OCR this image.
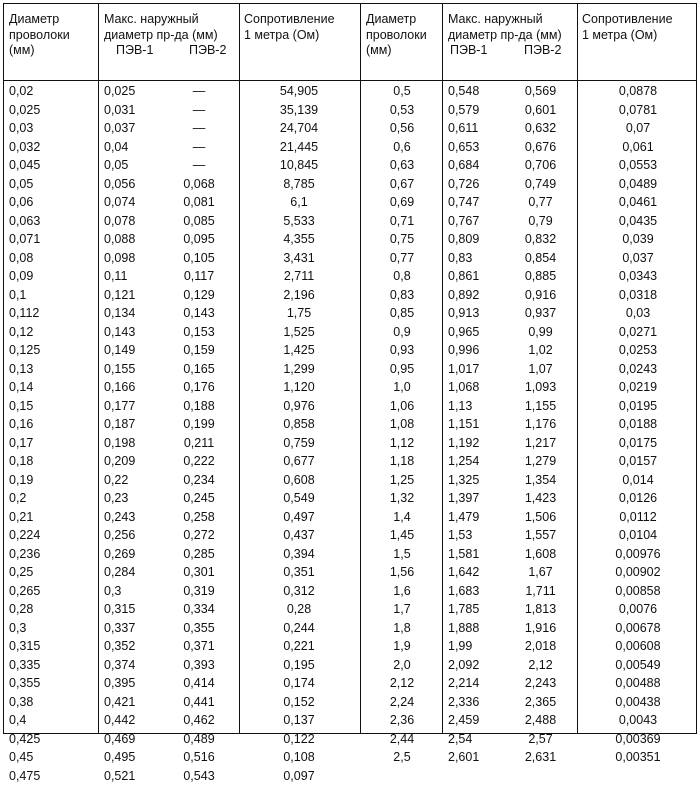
Диаметр
проволоки
(мм)
Макс. наружный
диаметр пр-да (мм)
ПЭВ-1	ПЭВ-2
Сопротивление
1 метра (Ом)
Диаметр
проволоки
(мм)
Макс. наружный
диаметр пр-да (мм)
ПЭВ-1	ПЭВ-2
Сопротивление
1 метра (Ом)
0,02	0,025	—	54,905	0,5	0,548	0,569	0,0878
0,025	0,031	—	35,139	0,53	0,579	0,601	0,0781
0,03	0,037	—	24,704	0,56	0,611	0,632	0,07
0,032	0,04	—	21,445	0,6	0,653	0,676	0,061
0,045	0,05	—	10,845	0,63	0,684	0,706	0,0553
0,05	0,056	0,068	8,785	0,67	0,726	0,749	0,0489
0,06	0,074	0,081	6,1	0,69	0,747	0,77	0,0461
0,063	0,078	0,085	5,533	0,71	0,767	0,79	0,0435
0,071	0,088	0,095	4,355	0,75	0,809	0,832	0,039
0,08	0,098	0,105	3,431	0,77	0,83	0,854	0,037
0,09	0,11	0,117	2,711	0,8	0,861	0,885	0,0343
0,1	0,121	0,129	2,196	0,83	0,892	0,916	0,0318
0,112	0,134	0,143	1,75	0,85	0,913	0,937	0,03
0,12	0,143	0,153	1,525	0,9	0,965	0,99	0,0271
0,125	0,149	0,159	1,425	0,93	0,996	1,02	0,0253
0,13	0,155	0,165	1,299	0,95	1,017	1,07	0,0243
0,14	0,166	0,176	1,120	1,0	1,068	1,093	0,0219
0,15	0,177	0,188	0,976	1,06	1,13	1,155	0,0195
0,16	0,187	0,199	0,858	1,08	1,151	1,176	0,0188
0,17	0,198	0,211	0,759	1,12	1,192	1,217	0,0175
0,18	0,209	0,222	0,677	1,18	1,254	1,279	0,0157
0,19	0,22	0,234	0,608	1,25	1,325	1,354	0,014
0,2	0,23	0,245	0,549	1,32	1,397	1,423	0,0126
0,21	0,243	0,258	0,497	1,4	1,479	1,506	0,0112
0,224	0,256	0,272	0,437	1,45	1,53	1,557	0,0104
0,236	0,269	0,285	0,394	1,5	1,581	1,608	0,00976
0,25	0,284	0,301	0,351	1,56	1,642	1,67	0,00902
0,265	0,3	0,319	0,312	1,6	1,683	1,711	0,00858
0,28	0,315	0,334	0,28	1,7	1,785	1,813	0,0076
0,3	0,337	0,355	0,244	1,8	1,888	1,916	0,00678
0,315	0,352	0,371	0,221	1,9	1,99	2,018	0,00608
0,335	0,374	0,393	0,195	2,0	2,092	2,12	0,00549
0,355	0,395	0,414	0,174	2,12	2,214	2,243	0,00488
0,38	0,421	0,441	0,152	2,24	2,336	2,365	0,00438
0,4	0,442	0,462	0,137	2,36	2,459	2,488	0,0043
0,425	0,469	0,489	0,122	2,44	2,54	2,57	0,00369
0,45	0,495	0,516	0,108	2,5	2,601	2,631	0,00351
0,475	0,521	0,543	0,097
